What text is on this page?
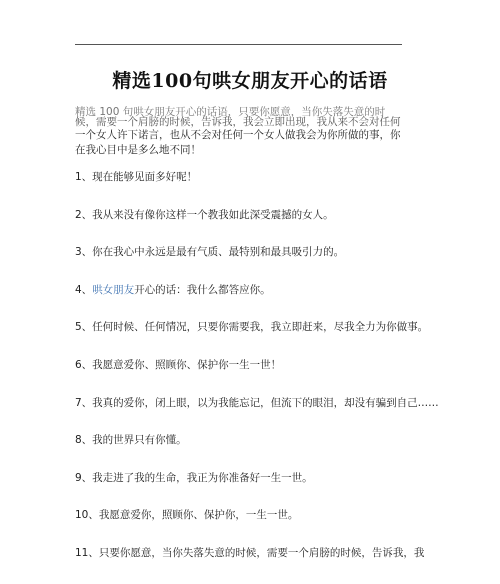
精选100句哄女朋友开心的话语
精选 100 句哄女朋友开心的话语，只要你愿意，当你失落失意的时
候，需要一个肩膀的时候，告诉我，我会立即出现，我从来不会对任何
一个女人许下诺言，也从不会对任何一个女人做我会为你所做的事，你
在我心目中是多么地不同！
1、现在能够见面多好呢！
2、我从来没有像你这样一个教我如此深受震撼的女人。
3、你在我心中永远是最有气质、最特别和最具吸引力的。
4、哄女朋友开心的话：我什么都答应你。
5、任何时候、任何情况，只要你需要我，我立即赶来，尽我全力为你做事。
6、我愿意爱你、照顾你、保护你一生一世！
7、我真的爱你，闭上眼，以为我能忘记，但流下的眼泪，却没有骗到自己……
8、我的世界只有你懂。
9、我走进了我的生命，我正为你准备好一生一世。
10、我愿意爱你，照顾你、保护你，一生一世。
11、只要你愿意，当你失落失意的时候，需要一个肩膀的时候，告诉我，我
